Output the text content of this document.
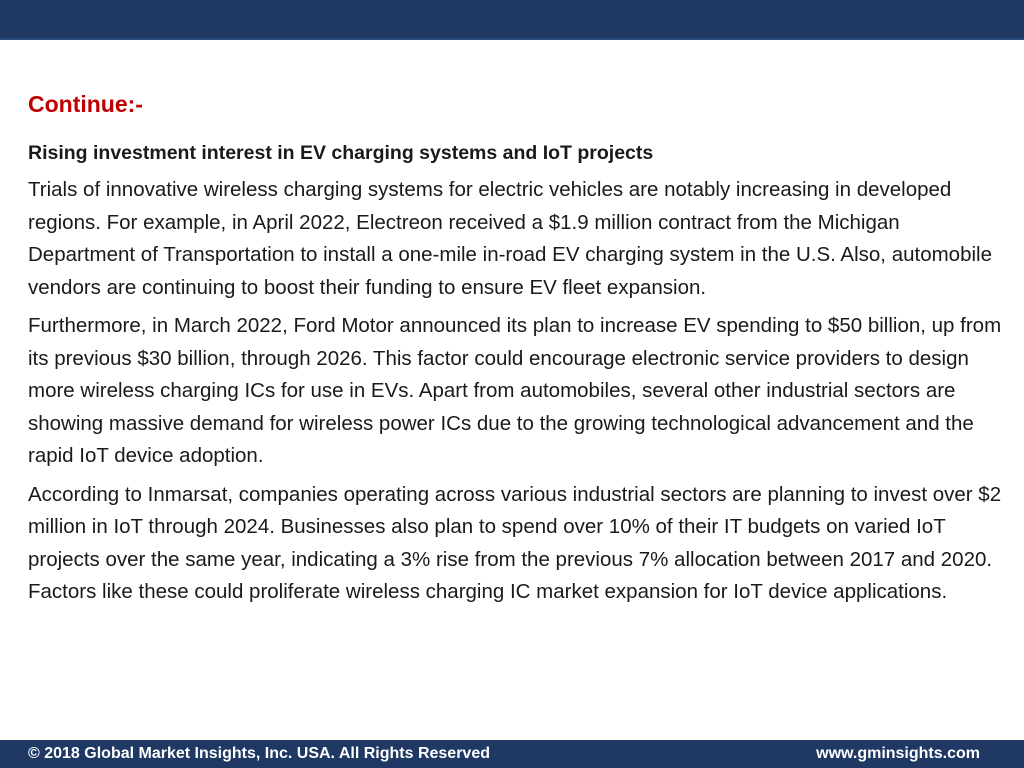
Continue:-
Rising investment interest in EV charging systems and IoT projects

Trials of innovative wireless charging systems for electric vehicles are notably increasing in developed regions. For example, in April 2022, Electreon received a $1.9 million contract from the Michigan Department of Transportation to install a one-mile in-road EV charging system in the U.S. Also, automobile vendors are continuing to boost their funding to ensure EV fleet expansion.

Furthermore, in March 2022, Ford Motor announced its plan to increase EV spending to $50 billion, up from its previous $30 billion, through 2026. This factor could encourage electronic service providers to design more wireless charging ICs for use in EVs. Apart from automobiles, several other industrial sectors are showing massive demand for wireless power ICs due to the growing technological advancement and the rapid IoT device adoption.

According to Inmarsat, companies operating across various industrial sectors are planning to invest over $2 million in IoT through 2024. Businesses also plan to spend over 10% of their IT budgets on varied IoT projects over the same year, indicating a 3% rise from the previous 7% allocation between 2017 and 2020. Factors like these could proliferate wireless charging IC market expansion for IoT device applications.

© 2018 Global Market Insights, Inc. USA. All Rights Reserved	www.gminsights.com
